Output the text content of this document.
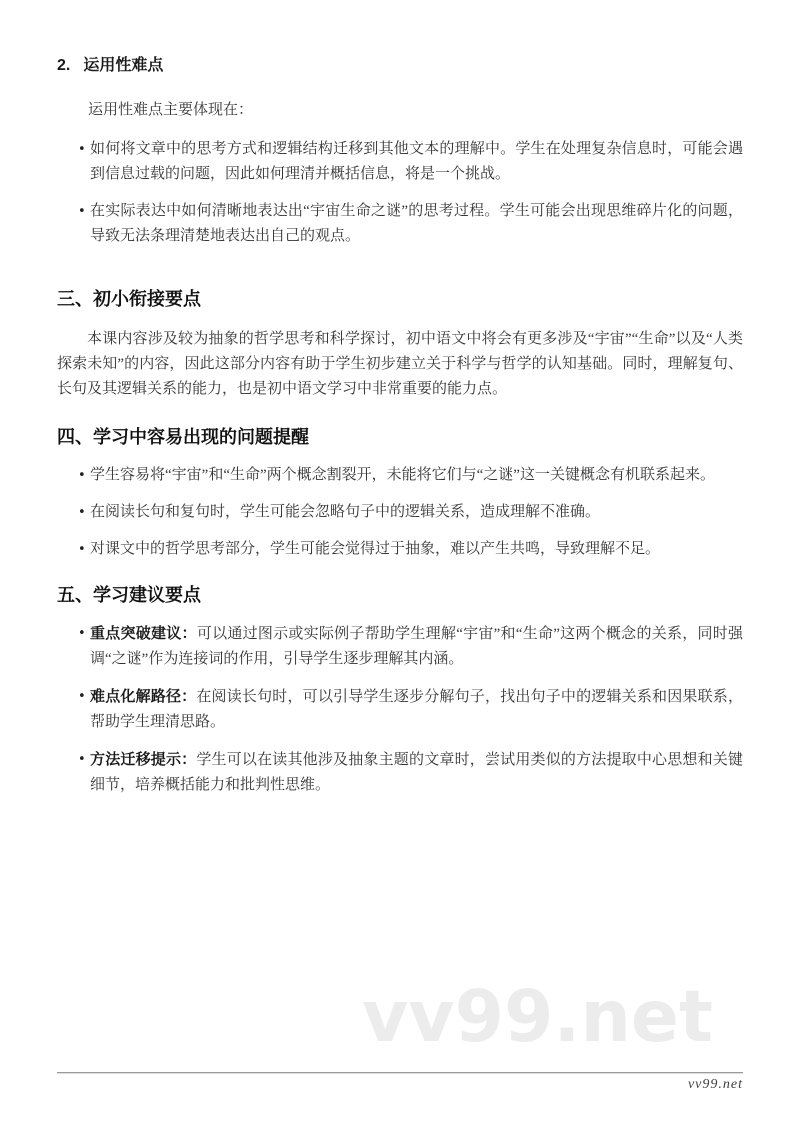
vv99.net
2. 运用性难点

运用性难点主要体现在：

• 如何将文章中的思考方式和逻辑结构迁移到其他文本的理解中。学生在处理复杂信息时，可能会遇到信息过载的问题，因此如何理清并概括信息，将是一个挑战。
• 在实际表达中如何清晰地表达出“宇宙生命之谜”的思考过程。学生可能会出现思维碎片化的问题，导致无法条理清楚地表达出自己的观点。
三、初小衔接要点

本课内容涉及较为抽象的哲学思考和科学探讨，初中语文中将会有更多涉及“宇宙”“生命”以及“人类探索未知”的内容，因此这部分内容有助于学生初步建立关于科学与哲学的认知基础。同时，理解复句、长句及其逻辑关系的能力，也是初中语文学习中非常重要的能力点。

四、学习中容易出现的问题提醒
• 学生容易将“宇宙”和“生命”两个概念割裂开，未能将它们与“之谜”这一关键概念有机联系起来。
• 在阅读长句和复句时，学生可能会忽略句子中的逻辑关系，造成理解不准确。
• 对课文中的哲学思考部分，学生可能会觉得过于抽象，难以产生共鸣，导致理解不足。
五、学习建议要点
• 重点突破建议：可以通过图示或实际例子帮助学生理解“宇宙”和“生命”这两个概念的关系，同时强调“之谜”作为连接词的作用，引导学生逐步理解其内涵。
• 难点化解路径：在阅读长句时，可以引导学生逐步分解句子，找出句子中的逻辑关系和因果联系，帮助学生理清思路。
• 方法迁移提示：学生可以在读其他涉及抽象主题的文章时，尝试用类似的方法提取中心思想和关键细节，培养概括能力和批判性思维。
vv99.net
